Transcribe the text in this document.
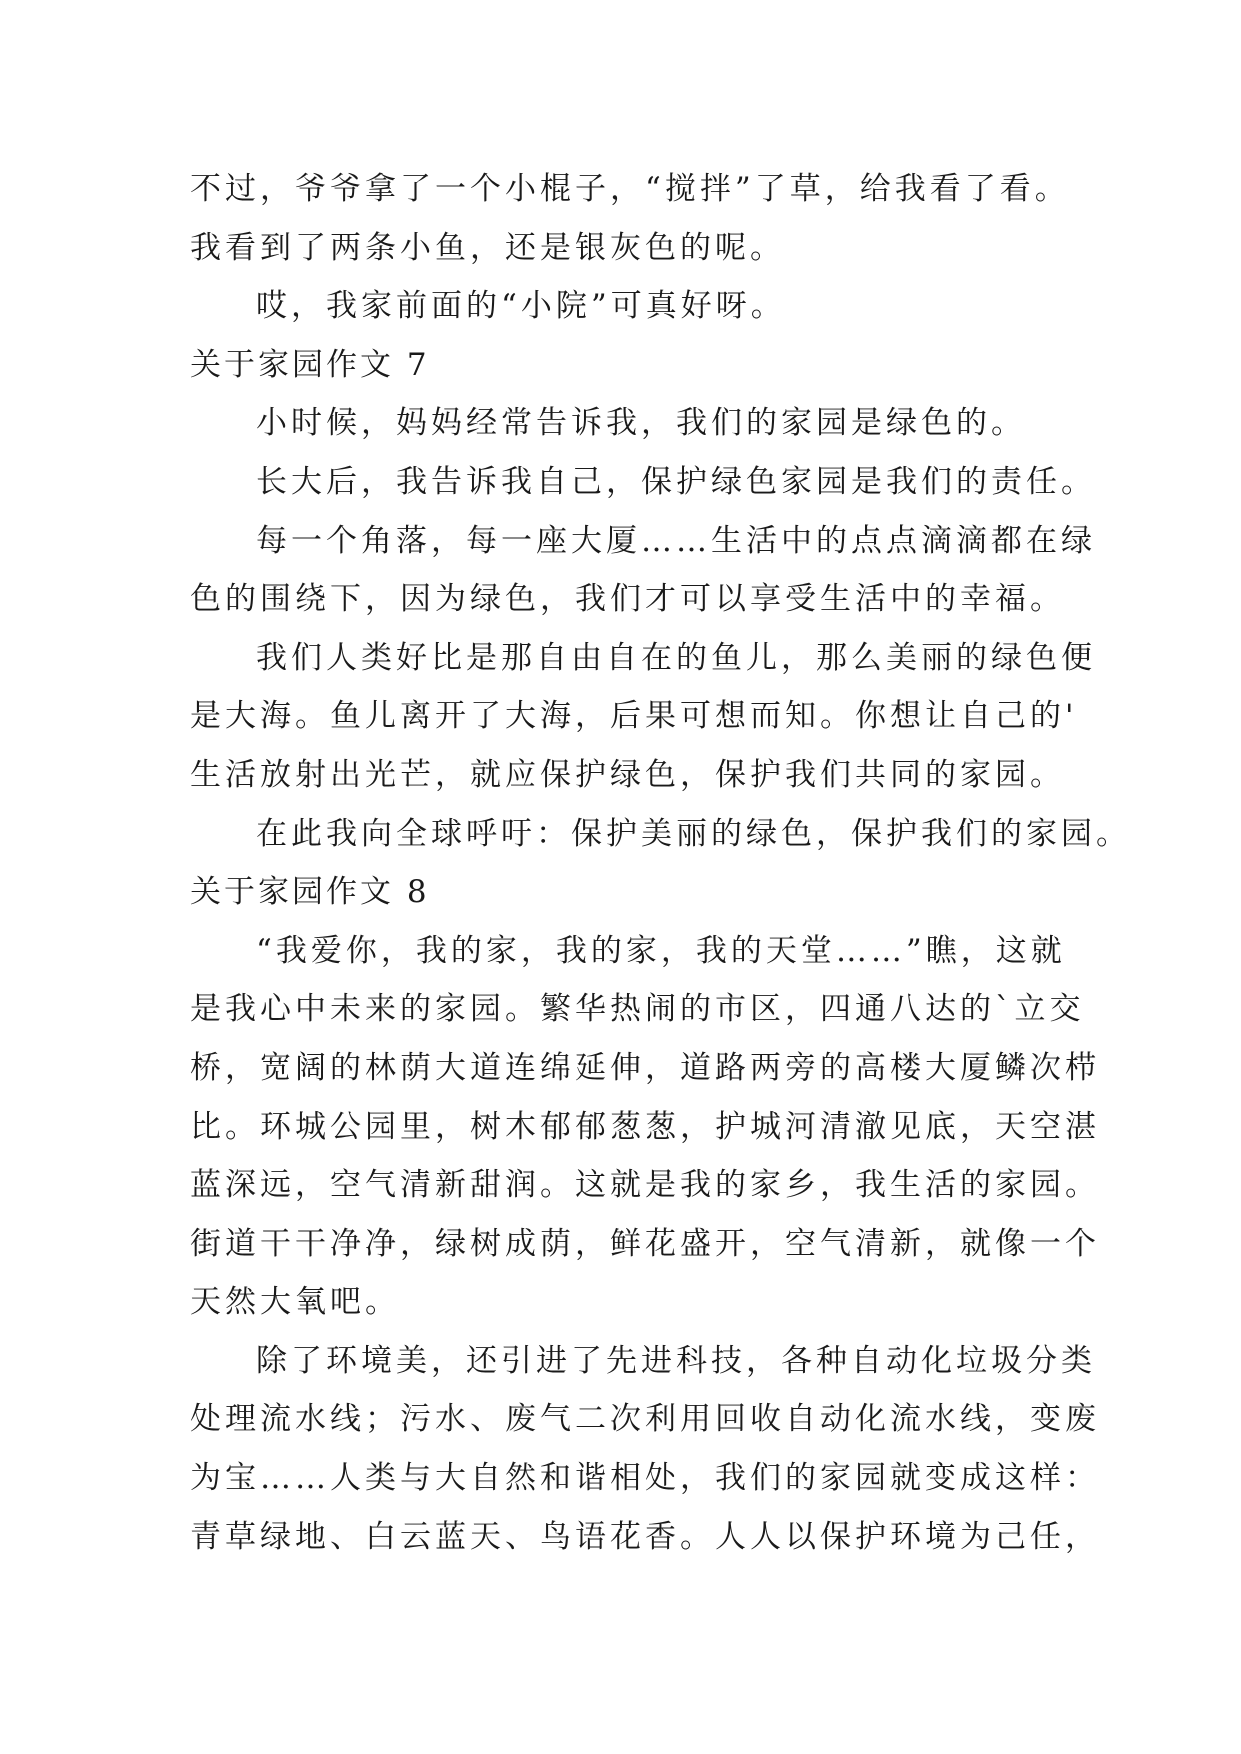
不过，爷爷拿了一个小棍子，“搅拌”了草，给我看了看。
我看到了两条小鱼，还是银灰色的呢。
哎，我家前面的“小院”可真好呀。
关于家园作文 7
小时候，妈妈经常告诉我，我们的家园是绿色的。
长大后，我告诉我自己，保护绿色家园是我们的责任。
每一个角落，每一座大厦……生活中的点点滴滴都在绿
色的围绕下，因为绿色，我们才可以享受生活中的幸福。
我们人类好比是那自由自在的鱼儿，那么美丽的绿色便
是大海。鱼儿离开了大海，后果可想而知。你想让自己的'
生活放射出光芒，就应保护绿色，保护我们共同的家园。
在此我向全球呼吁：保护美丽的绿色，保护我们的家园。
关于家园作文 8
“我爱你，我的家，我的家，我的天堂……”瞧，这就
是我心中未来的家园。繁华热闹的市区，四通八达的`立交
桥，宽阔的林荫大道连绵延伸，道路两旁的高楼大厦鳞次栉
比。环城公园里，树木郁郁葱葱，护城河清澈见底，天空湛
蓝深远，空气清新甜润。这就是我的家乡，我生活的家园。
街道干干净净，绿树成荫，鲜花盛开，空气清新，就像一个
天然大氧吧。
除了环境美，还引进了先进科技，各种自动化垃圾分类
处理流水线；污水、废气二次利用回收自动化流水线，变废
为宝……人类与大自然和谐相处，我们的家园就变成这样：
青草绿地、白云蓝天、鸟语花香。人人以保护环境为己任，
